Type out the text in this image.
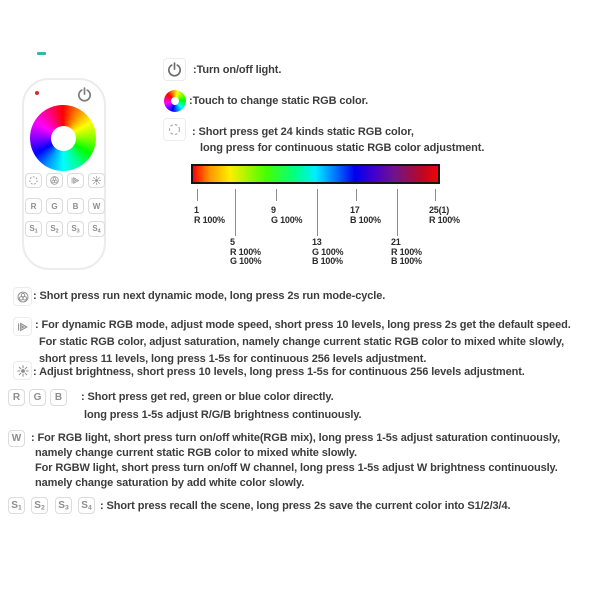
R G B W
$S_1$ $S_2$ $S_3$ $S_4$
:Turn on/off light.
:Touch to change static RGB color.
: Short press get 24 kinds static RGB color,
long press for continuous static RGB color adjustment.
1
R 100%
9
G 100%
17
B 100%
25(1)
R 100%
5
R 100%
G 100%
13
G 100%
B 100%
21
R 100%
B 100%
: Short press run next dynamic mode, long press 2s run mode-cycle.
: For dynamic RGB mode, adjust mode speed, short press 10 levels, long press 2s get the default speed.
For static RGB color, adjust saturation, namely change current static RGB color to mixed white slowly,
short press 11 levels, long press 1-5s for continuous 256 levels adjustment.
: Adjust brightness, short press 10 levels, long press 1-5s for continuous 256 levels adjustment.
R G B : Short press get red, green or blue color directly.
long press 1-5s adjust R/G/B brightness continuously.
W : For RGB light, short press turn on/off white(RGB mix), long press 1-5s adjust saturation continuously,
namely change current static RGB color to mixed white slowly.
For RGBW light, short press turn on/off W channel, long press 1-5s adjust W brightness continuously.
namely change saturation by add white color slowly.
$S_1$ $S_2$ $S_3$ $S_4$ : Short press recall the scene, long press 2s save the current color into S1/2/3/4.
